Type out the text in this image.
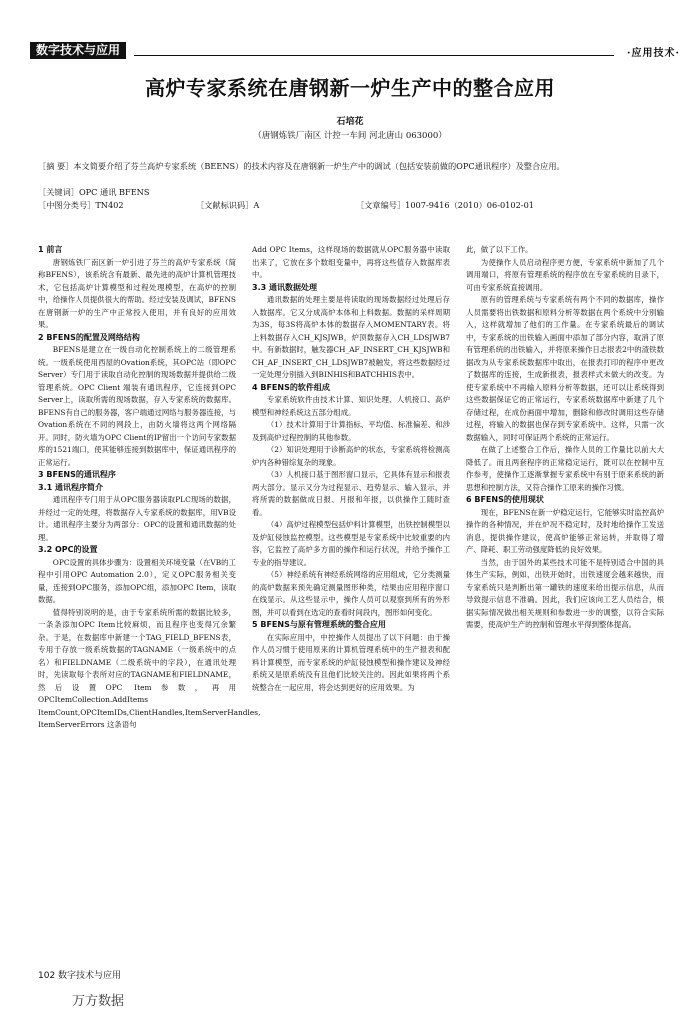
数字技术与应用	·应用技术·
高炉专家系统在唐钢新一炉生产中的整合应用
石培花
（唐钢炼铁厂南区 计控一车间 河北唐山 063000）
［摘 要］本文简要介绍了芬兰高炉专家系统（BEENS）的技术内容及在唐钢新一炉生产中的调试（包括安装前做的OPC通讯程序）及整合应用。
［关键词］OPC 通讯 BFENS
［中图分类号］TN402	［文献标识码］A	［文章编号］1007-9416（2010）06-0102-01
1 前言

唐钢炼铁厂南区新一炉引进了芬兰的高炉专家系统（简称BFENS），该系统含有最新、最先进的高炉计算机管理技术，它包括高炉计算模型和过程处理模型，在高炉的控制中，给操作人员提供很大的帮助。经过安装及调试，BFENS在唐钢新一炉的生产中正常投入使用，并有良好的应用效果。

2 BFENS的配置及网络结构

BFENS是建立在一级自动化控制系统上的二级管理系统。一级系统使用西屋的Ovation系统，其OPC站（即OPC Server）专门用于读取自动化控制的现场数据并提供给二级管理系统。OPC Client 端装有通讯程序，它连接到OPC Server上，读取所需的现场数据，存入专家系统的数据库。BFENS有自己的服务器，客户端通过网络与服务器连接，与Ovation系统在不同的网段上，由防火墙将这两个网络隔开。同时，防火墙为OPC Client的IP留出一个访问专家数据库的1521端口，使其能够连接到数据库中，保证通讯程序的正常运行。

3 BFENS的通讯程序
3.1 通讯程序简介

通讯程序专门用于从OPC服务器读取PLC现场的数据，并经过一定的处理，将数据存入专家系统的数据库，用VB设计。通讯程序主要分为两部分：OPC的设置和通讯数据的处理。

3.2 OPC的设置

OPC设置的具体步骤为：设置相关环境变量（在VB的工程中引用OPC Automation 2.0），定义OPC服务相关变量，连接到OPC服务，添加OPC组，添加OPC Item，读取数据。

值得特别说明的是，由于专家系统所需的数据比较多，一条条添加OPC Item比较麻烦，而且程序也变得冗余繁杂。于是，在数据库中新建一个TAG_FIELD_BFENS表，专用于存放一级系统数据的TAGNAME（一级系统中的点名）和FIELDNAME（二级系统中的字段），在通讯处理时，先读取每个表所对应的TAGNAME和FIELDNAME，然后设置OPC Item参数，再用OPCItemCollection.AddItems ItemCount,OPCItemIDs,ClientHandles,ItemServerHandles, ItemServerErrors 这条语句

Add OPC Items，这样现场的数据就从OPC服务器中读取出来了，它放在多个数组变量中，再将这些值存入数据库表中。

3.3 通讯数据处理

通讯数据的处理主要是将读取的现场数据经过处理后存入数据库。它又分成高炉本体和上料数据。数据的采样周期为3S，每3S将高炉本体的数据存入MOMENTARY表。将上料数据存入CH_KJSJWB，炉顶数据存入CH_LDSJWB7中。有新数据时，触发器CH_AF_INSERT_CH_KJSJWB和CH_AF_INSERT_CH_LDSJWB7被触发，将这些数据经过一定处理分别插入到BINHIS和BATCHHIS表中。

4 BFENS的软件组成

专家系统软件由技术计算、知识处理、人机接口、高炉模型和神经系统这五部分组成。

（1）技术计算用于计算指标、平均值、标准偏差、和涉及到高炉过程控制的其他参数。

（2）知识处理用于诊断高炉的状态，专家系统将检测高炉内各种错综复杂的现象。

（3）人机接口基于图形窗口显示，它具体有显示和报表两大部分。显示又分为过程显示、趋势显示、输入显示，并将所需的数据做成日报、月报和年报，以供操作工随时查看。

（4）高炉过程模型包括炉料计算模型，出铁控制模型以及炉缸侵蚀监控模型。这些模型是专家系统中比较重要的内容，它监控了高炉多方面的操作和运行状况，并给予操作工专业的指导建议。

（5）神经系统有神经系统网络的应用组成，它分类测量的高炉数据来预先确定测量图形种类，结果由应用程序窗口在线显示。从这些显示中，操作人员可以观察到所有的外形图，并可以看到在选定的查看时间段内，图形如何变化。

5 BFENS与原有管理系统的整合应用

在实际应用中，中控操作人员提出了以下问题：由于操作人员习惯于使用原来的计算机管理系统中的生产报表和配料计算模型，而专家系统的炉缸侵蚀模型和操作建议及神经系统又是原系统没有且他们比较关注的。因此如果将两个系统整合在一起应用，将会达到更好的应用效果。为

此，做了以下工作。

为使操作人员启动程序更方便，专家系统中新加了几个调用端口，将原有管理系统的程序放在专家系统的目录下，可由专家系统直接调用。

原有的管理系统与专家系统有两个不同的数据库，操作人员需要将出铁数据和原料分析等数据在两个系统中分别输入，这样就增加了他们的工作量。在专家系统最后的调试中，专家系统的出铁输入画面中添加了部分内容，取消了原有管理系统的出铁输入，并将原来操作日志报表2中的渣铁数据改为从专家系统数据库中取出，在报表打印的程序中更改了数据库的连接，生成新报表，报表样式未做大的改变。为使专家系统中不再输入原料分析等数据，还可以让系统得到这些数据保证它的正常运行，专家系统数据库中新建了几个存储过程，在成份画面中增加，删除和修改时调用这些存储过程，将输入的数据也保存到专家系统中。这样，只需一次数据输入，同时可保证两个系统的正常运行。

在做了上述整合工作后，操作人员的工作量比以前大大降低了。而且两套程序的正常稳定运行，既可以在控制中互作参考，使操作工逐渐掌握专家系统中有别于原来系统的新思想和控制方法，又符合操作工原来的操作习惯。

6 BFENS的使用现状

现在，BFENS在新一炉稳定运行，它能够实时监控高炉操作的各种情况，并在炉况不稳定时，及时地给操作工发送消息，提供操作建议，使高炉能够正常运转，并取得了增产、降耗、职工劳动强度降低的良好效果。

当然，由于国外的某些技术可能不是特别适合中国的具体生产实际，例如，出铁开始时，出铁速度会越来越快，而专家系统只是判断出第一罐铁的速度来给出提示信息，从而导致提示信息不准确。因此，我们应该向工艺人员结合，根据实际情况做出相关规则和参数进一步的调整，以符合实际需要，使高炉生产的控制和管理水平得到整体提高。

102 数字技术与应用
万方数据
